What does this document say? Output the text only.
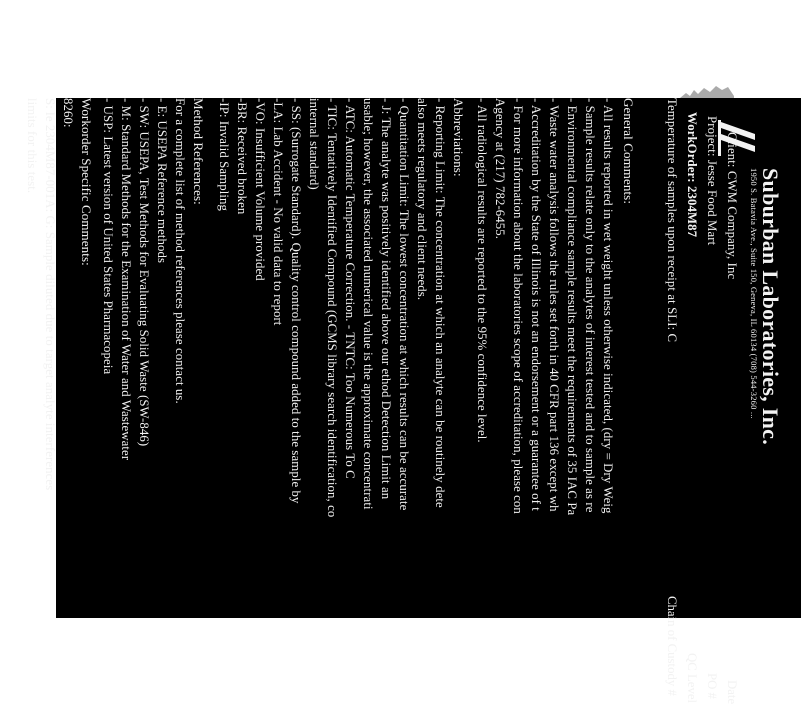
Suburban Laboratories, Inc.
1950 S. Batavia Ave., Suite 150, Geneva, IL 60134 (708) 544-3260 ...
Client: CWM Company, Inc
Project: Jesse Food Mart
WorkOrder: 2304M87
Temperature of samples upon receipt at SLI: C
Date
PO #
QC Level
Chain of Custody #
General Comments:
- All results reported in wet weight unless otherwise indicated, (dry = Dry Weig
- Sample results relate only to the analytes of interest tested and to sample as re
- Environmental compliance sample results meet the requirements of 35 IAC Pa
- Waste water analysis follows the rules set forth in 40 CFR part 136 except wh
- Accreditation by the State of Illinois is not an endorsement or a guarantee of t
- For more information about the laboratories scope of accreditation, please con
Agency at (217) 782-6455.
- All radiological results are reported to the 95% confidence level.
Abbreviations:
- Reporting Limit: The concentration at which an analyte can be routinely dete
also meets regulatory and client needs.
- Quantitation Limit: The lowest concentration at which results can be accurate
- J: The analyte was positively identified above our ethod Detection Limit an
usable; however, the associated numerical value is the approximate concentrati
- ATC: Automatic Temperature Correction. - TNTC: Too Numerous To C
- TIC: Tentatively Identified Compound (GCMS library search identification, co
internal standard)
- SS: (Surrogate Standard). Quality control compound added to the sample by
-LA: Lab Accident - No valid data to report
-VO: Insufficient Volume provided
-BR: Received broken
-IP: Invalid Sampling
Method References:
For a complete list of method references please contact us.
- E: USEPA Reference methods
- SW: USEPA, Test Methods for Evaluating Solid Waste (SW-846)
- M: Standard Methods for the Examination of Water and Wastewater
- USP: Latest version of United States Pharmacopeia
Workorder Specific Comments:
8260:
S: le 2304M87-001A: G: Sample diluted due to target analyte interferences
limits for this test.
